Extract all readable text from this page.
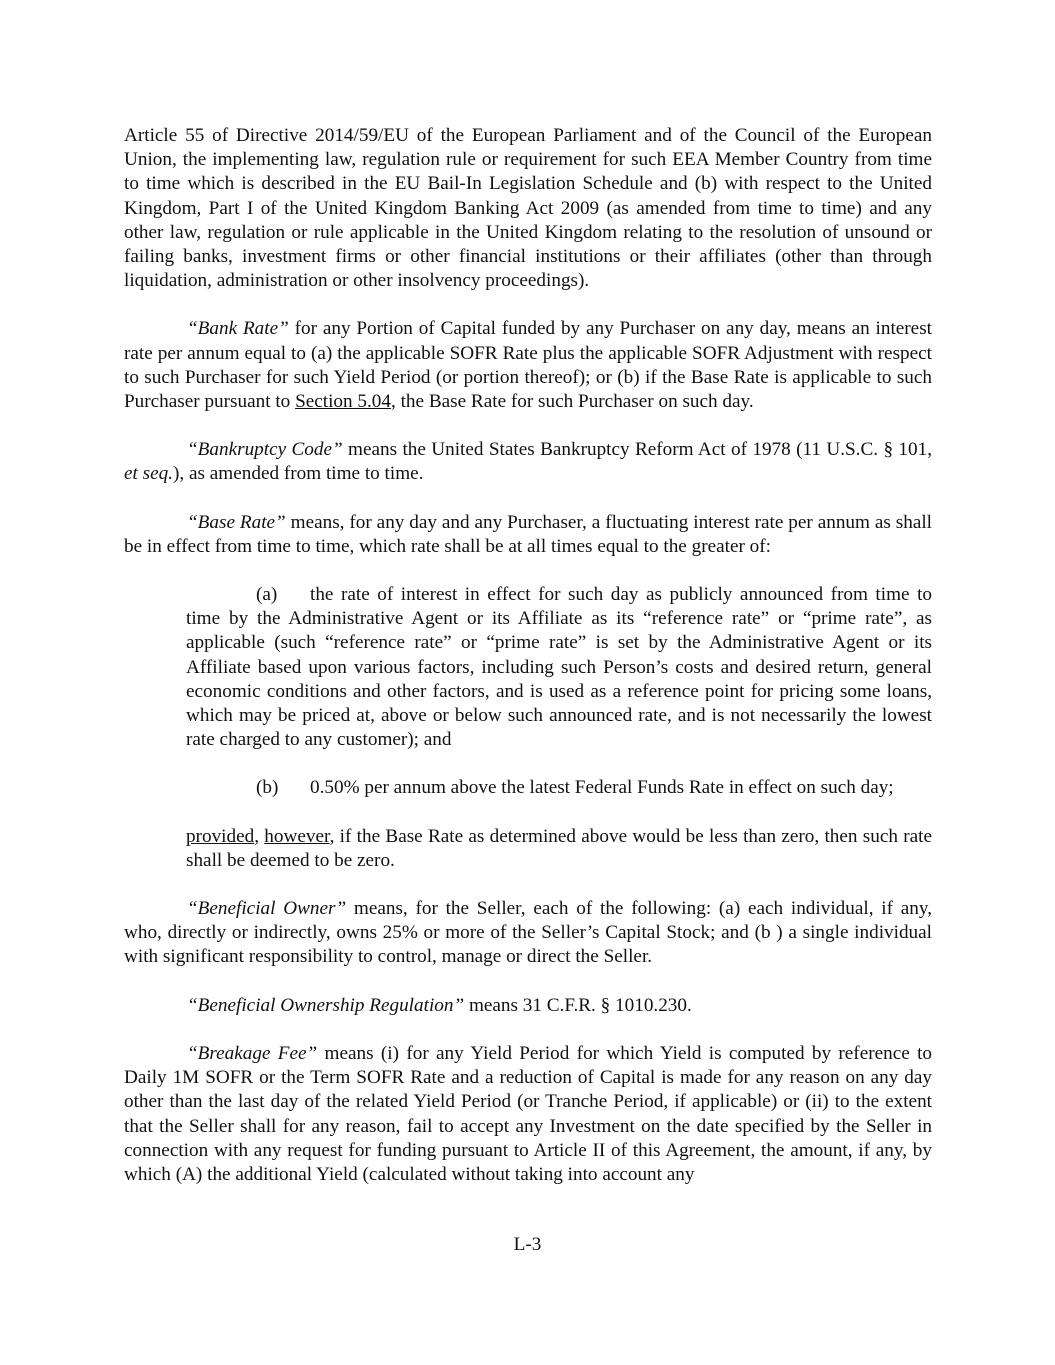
Article 55 of Directive 2014/59/EU of the European Parliament and of the Council of the European Union, the implementing law, regulation rule or requirement for such EEA Member Country from time to time which is described in the EU Bail-In Legislation Schedule and (b) with respect to the United Kingdom, Part I of the United Kingdom Banking Act 2009 (as amended from time to time) and any other law, regulation or rule applicable in the United Kingdom relating to the resolution of unsound or failing banks, investment firms or other financial institutions or their affiliates (other than through liquidation, administration or other insolvency proceedings).

“Bank Rate” for any Portion of Capital funded by any Purchaser on any day, means an interest rate per annum equal to (a) the applicable SOFR Rate plus the applicable SOFR Adjustment with respect to such Purchaser for such Yield Period (or portion thereof); or (b) if the Base Rate is applicable to such Purchaser pursuant to Section 5.04, the Base Rate for such Purchaser on such day.

“Bankruptcy Code” means the United States Bankruptcy Reform Act of 1978 (11 U.S.C. § 101, et seq.), as amended from time to time.

“Base Rate” means, for any day and any Purchaser, a fluctuating interest rate per annum as shall be in effect from time to time, which rate shall be at all times equal to the greater of:

(a) the rate of interest in effect for such day as publicly announced from time to time by the Administrative Agent or its Affiliate as its “reference rate” or “prime rate”, as applicable (such “reference rate” or “prime rate” is set by the Administrative Agent or its Affiliate based upon various factors, including such Person’s costs and desired return, general economic conditions and other factors, and is used as a reference point for pricing some loans, which may be priced at, above or below such announced rate, and is not necessarily the lowest rate charged to any customer); and

(b) 0.50% per annum above the latest Federal Funds Rate in effect on such day;

provided, however, if the Base Rate as determined above would be less than zero, then such rate shall be deemed to be zero.

“Beneficial Owner” means, for the Seller, each of the following: (a) each individual, if any, who, directly or indirectly, owns 25% or more of the Seller’s Capital Stock; and (b ) a single individual with significant responsibility to control, manage or direct the Seller.

“Beneficial Ownership Regulation” means 31 C.F.R. § 1010.230.

“Breakage Fee” means (i) for any Yield Period for which Yield is computed by reference to Daily 1M SOFR or the Term SOFR Rate and a reduction of Capital is made for any reason on any day other than the last day of the related Yield Period (or Tranche Period, if applicable) or (ii) to the extent that the Seller shall for any reason, fail to accept any Investment on the date specified by the Seller in connection with any request for funding pursuant to Article II of this Agreement, the amount, if any, by which (A) the additional Yield (calculated without taking into account any

L-3
